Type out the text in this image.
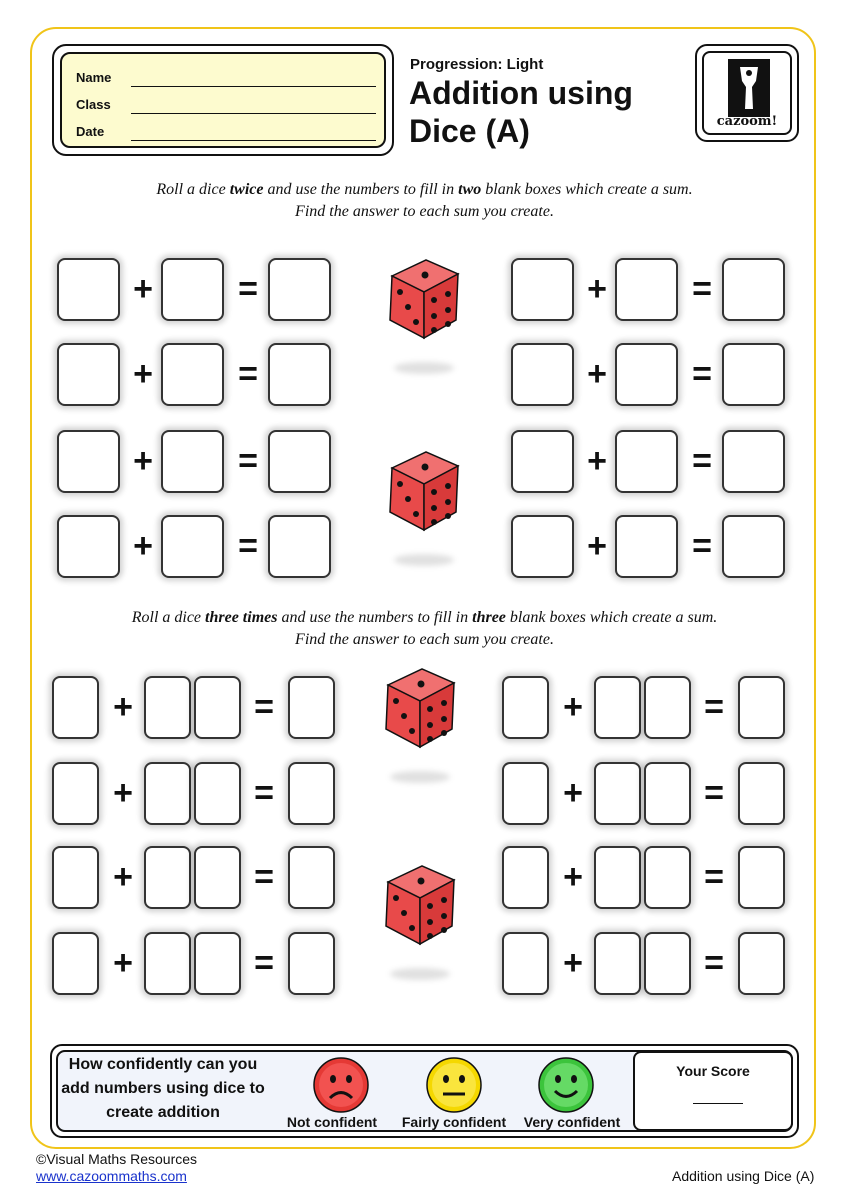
Name
Class
Date
Progression: Light
Addition using Dice (A)	cazoom!
Roll a dice twice and use the numbers to fill in two blank boxes which create a sum.
Find the answer to each sum you create.
Roll a dice three times and use the numbers to fill in three blank boxes which create a sum.
Find the answer to each sum you create.
+	=
+	=
+	=
+	=
+	=
+	=
+	=
+	=
+	=
+	=
+	=
+	=
+	=
+	=
+	=
+	=
How confidently can you add numbers using dice to create addition
Not confident	Fairly confident	Very confident
Your Score
©Visual Maths Resources
www.cazoommaths.com	Addition using Dice (A)
